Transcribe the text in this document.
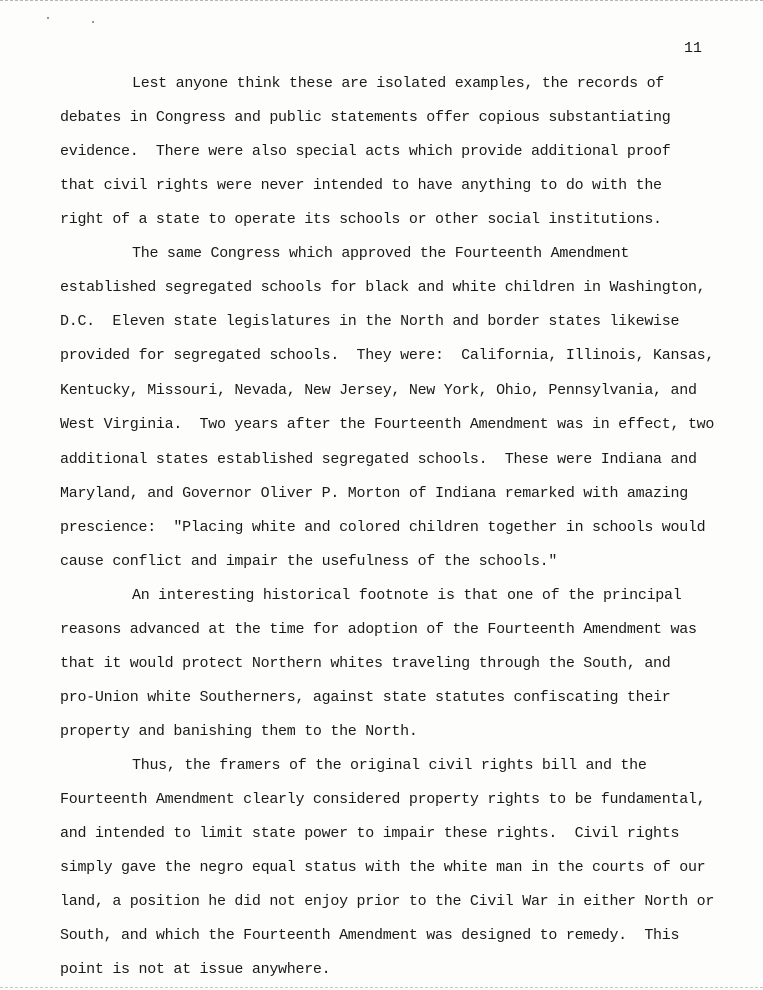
11
Lest anyone think these are isolated examples, the records of
debates in Congress and public statements offer copious substantiating
evidence.  There were also special acts which provide additional proof
that civil rights were never intended to have anything to do with the
right of a state to operate its schools or other social institutions.
The same Congress which approved the Fourteenth Amendment
established segregated schools for black and white children in Washington,
D.C.  Eleven state legislatures in the North and border states likewise
provided for segregated schools.  They were:  California, Illinois, Kansas,
Kentucky, Missouri, Nevada, New Jersey, New York, Ohio, Pennsylvania, and
West Virginia.  Two years after the Fourteenth Amendment was in effect, two
additional states established segregated schools.  These were Indiana and
Maryland, and Governor Oliver P. Morton of Indiana remarked with amazing
prescience:  "Placing white and colored children together in schools would
cause conflict and impair the usefulness of the schools."
An interesting historical footnote is that one of the principal
reasons advanced at the time for adoption of the Fourteenth Amendment was
that it would protect Northern whites traveling through the South, and
pro-Union white Southerners, against state statutes confiscating their
property and banishing them to the North.
Thus, the framers of the original civil rights bill and the
Fourteenth Amendment clearly considered property rights to be fundamental,
and intended to limit state power to impair these rights.  Civil rights
simply gave the negro equal status with the white man in the courts of our
land, a position he did not enjoy prior to the Civil War in either North or
South, and which the Fourteenth Amendment was designed to remedy.  This
point is not at issue anywhere.
